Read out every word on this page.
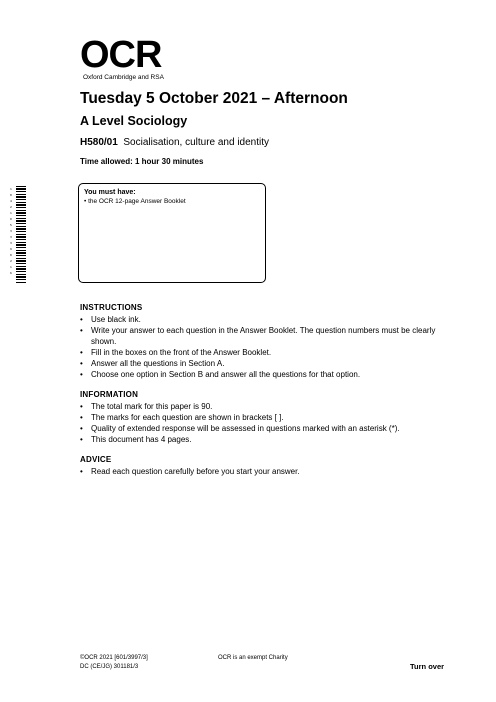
OCR
Oxford Cambridge and RSA
Tuesday 5 October 2021 – Afternoon
A Level Sociology
H580/01 Socialisation, culture and identity
Time allowed: 1 hour 30 minutes
1 0 4 2 1 0 5 3 3 3 9 0 2 1 6
You must have:
• the OCR 12-page Answer Booklet
INSTRUCTIONS
• Use black ink.
• Write your answer to each question in the Answer Booklet. The question numbers must be clearly shown.
• Fill in the boxes on the front of the Answer Booklet.
• Answer all the questions in Section A.
• Choose one option in Section B and answer all the questions for that option.
INFORMATION
• The total mark for this paper is 90.
• The marks for each question are shown in brackets [ ].
• Quality of extended response will be assessed in questions marked with an asterisk (*).
• This document has 4 pages.
ADVICE
• Read each question carefully before you start your answer.
©OCR 2021 [601/3997/3]
DC (CE/JG) 301181/3
OCR is an exempt Charity
Turn over
